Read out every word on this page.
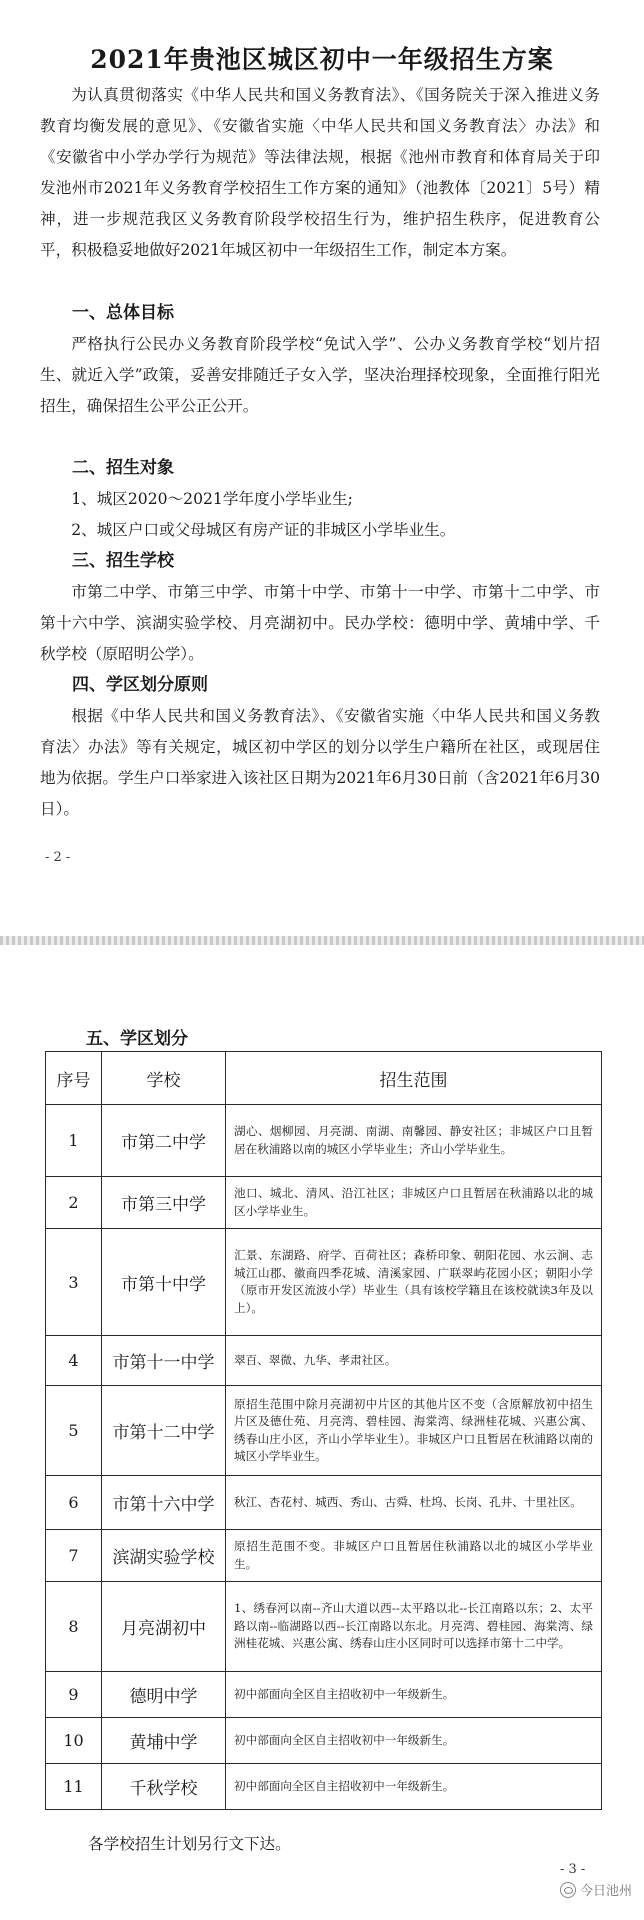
2021年贵池区城区初中一年级招生方案

为认真贯彻落实《中华人民共和国义务教育法》、《国务院关于深入推进义务教育均衡发展的意见》、《安徽省实施〈中华人民共和国义务教育法〉办法》和《安徽省中小学办学行为规范》等法律法规，根据《池州市教育和体育局关于印发池州市2021年义务教育学校招生工作方案的通知》（池教体〔2021〕5号）精神，进一步规范我区义务教育阶段学校招生行为，维护招生秩序，促进教育公平，积极稳妥地做好2021年城区初中一年级招生工作，制定本方案。

一、总体目标

严格执行公民办义务教育阶段学校“免试入学”、公办义务教育学校“划片招生、就近入学”政策，妥善安排随迁子女入学，坚决治理择校现象，全面推行阳光招生，确保招生公平公正公开。

二、招生对象

1、城区2020～2021学年度小学毕业生;

2、城区户口或父母城区有房产证的非城区小学毕业生。

三、招生学校

市第二中学、市第三中学、市第十中学、市第十一中学、市第十二中学、市第十六中学、滨湖实验学校、月亮湖初中。民办学校：德明中学、黄埔中学、千秋学校（原昭明公学）。

四、学区划分原则

根据《中华人民共和国义务教育法》、《安徽省实施〈中华人民共和国义务教育法〉办法》等有关规定，城区初中学区的划分以学生户籍所在社区，或现居住地为依据。学生户口举家进入该社区日期为2021年6月30日前（含2021年6月30日）。

- 2 -
五、学区划分
序号	学校	招生范围
1	市第二中学	湖心、烟柳园、月亮湖、南湖、南馨园、静安社区；非城区户口且暂居在秋浦路以南的城区小学毕业生；齐山小学毕业生。
2	市第三中学	池口、城北、清风、沿江社区；非城区户口且暂居在秋浦路以北的城区小学毕业生。
3	市第十中学	汇景、东湖路、府学、百荷社区；森桥印象、朝阳花园、水云涧、志城江山郡、徽商四季花城、清溪家园、广联翠屿花园小区；朝阳小学（原市开发区流波小学）毕业生（具有该校学籍且在该校就读3年及以上）。
4	市第十一中学	翠百、翠微、九华、孝肃社区。
5	市第十二中学	原招生范围中除月亮湖初中片区的其他片区不变（含原解放初中招生片区及德仕苑、月亮湾、碧桂园、海棠湾、绿洲桂花城、兴惠公寓、绣春山庄小区，齐山小学毕业生）。非城区户口且暂居在秋浦路以南的城区小学毕业生。
6	市第十六中学	秋江、杏花村、城西、秀山、古舜、杜坞、长岗、孔井、十里社区。
7	滨湖实验学校	原招生范围不变。非城区户口且暂居住秋浦路以北的城区小学毕业生。
8	月亮湖初中	1、绣春河以南--齐山大道以西--太平路以北--长江南路以东；2、太平路以南--临湖路以西--长江南路以东北。月亮湾、碧桂园、海棠湾、绿洲桂花城、兴惠公寓、绣春山庄小区同时可以选择市第十二中学。
9	德明中学	初中部面向全区自主招收初中一年级新生。
10	黄埔中学	初中部面向全区自主招收初中一年级新生。
11	千秋学校	初中部面向全区自主招收初中一年级新生。
各学校招生计划另行文下达。
- 3 -
今日池州
